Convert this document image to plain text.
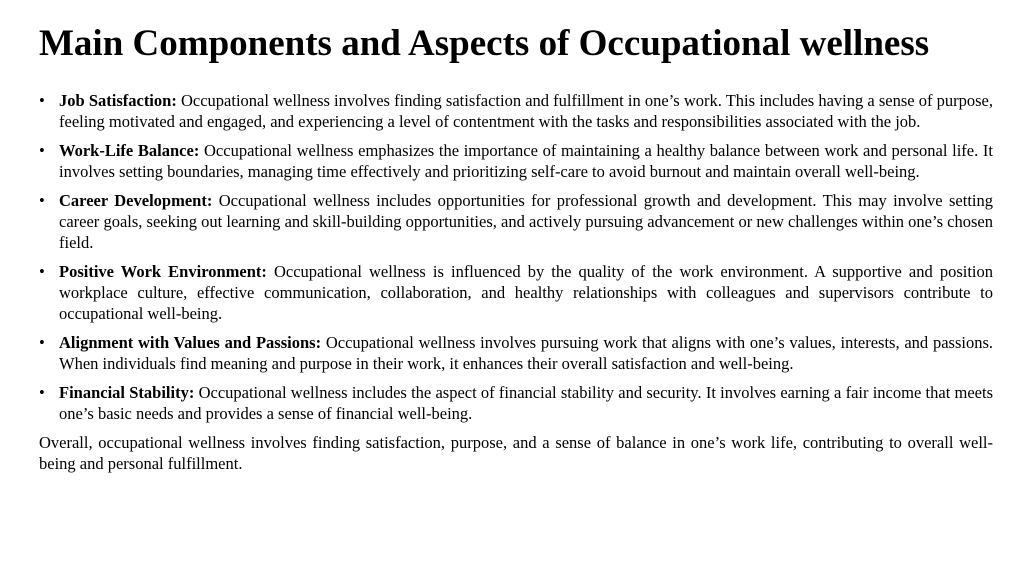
Main Components and Aspects of Occupational wellness
• Job Satisfaction: Occupational wellness involves finding satisfaction and fulfillment in one’s work. This includes having a sense of purpose, feeling motivated and engaged, and experiencing a level of contentment with the tasks and responsibilities associated with the job.
• Work-Life Balance: Occupational wellness emphasizes the importance of maintaining a healthy balance between work and personal life. It involves setting boundaries, managing time effectively and prioritizing self-care to avoid burnout and maintain overall well-being.
• Career Development: Occupational wellness includes opportunities for professional growth and development. This may involve setting career goals, seeking out learning and skill-building opportunities, and actively pursuing advancement or new challenges within one’s chosen field.
• Positive Work Environment: Occupational wellness is influenced by the quality of the work environment. A supportive and position workplace culture, effective communication, collaboration, and healthy relationships with colleagues and supervisors contribute to occupational well-being.
• Alignment with Values and Passions: Occupational wellness involves pursuing work that aligns with one’s values, interests, and passions. When individuals find meaning and purpose in their work, it enhances their overall satisfaction and well-being.
• Financial Stability: Occupational wellness includes the aspect of financial stability and security. It involves earning a fair income that meets one’s basic needs and provides a sense of financial well-being.

Overall, occupational wellness involves finding satisfaction, purpose, and a sense of balance in one’s work life, contributing to overall well-being and personal fulfillment.
